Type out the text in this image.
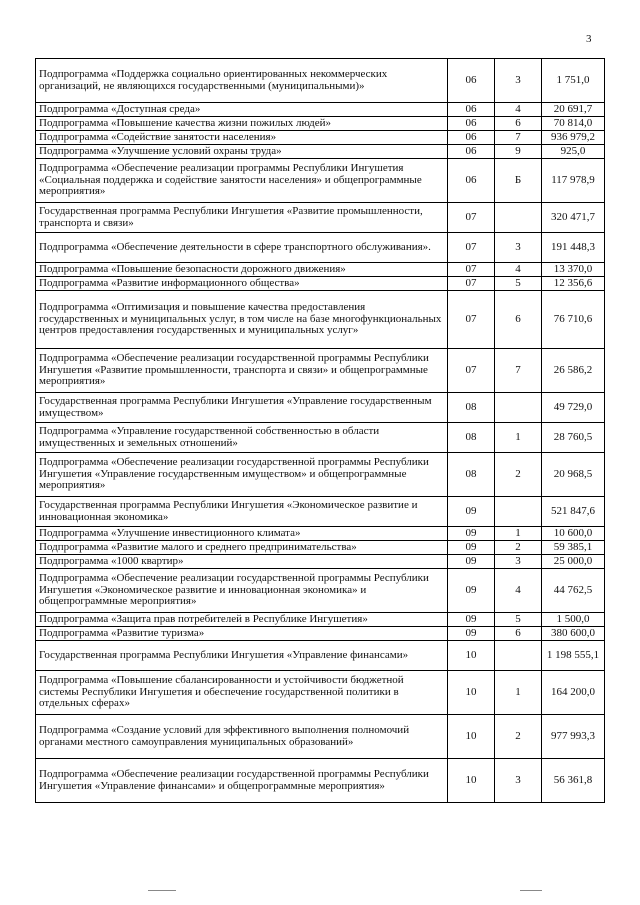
3
Подпрограмма «Поддержка социально ориентированных некоммерческих организаций, не являющихся государственными (муниципальными)»	06	3	1 751,0
Подпрограмма «Доступная среда»	06	4	20 691,7
Подпрограмма «Повышение качества жизни пожилых людей»	06	6	70 814,0
Подпрограмма «Содействие занятости населения»	06	7	936 979,2
Подпрограмма «Улучшение условий охраны труда»	06	9	925,0
Подпрограмма «Обеспечение реализации программы Республики Ингушетия «Социальная поддержка и содействие занятости населения» и общепрограммные мероприятия»	06	Б	117 978,9
Государственная программа Республики Ингушетия «Развитие промышленности, транспорта и связи»	07		320 471,7
Подпрограмма «Обеспечение деятельности в сфере транспортного обслуживания».	07	3	191 448,3
Подпрограмма «Повышение безопасности дорожного движения»	07	4	13 370,0
Подпрограмма «Развитие информационного общества»	07	5	12 356,6
Подпрограмма «Оптимизация и повышение качества предоставления государственных и муниципальных услуг, в том числе на базе многофункциональных центров предоставления государственных и муниципальных услуг»	07	6	76 710,6
Подпрограмма «Обеспечение реализации государственной программы Республики Ингушетия «Развитие промышленности, транспорта и связи» и общепрограммные мероприятия»	07	7	26 586,2
Государственная программа Республики Ингушетия «Управление государственным имуществом»	08		49 729,0
Подпрограмма «Управление государственной собственностью в области имущественных и земельных отношений»	08	1	28 760,5
Подпрограмма «Обеспечение реализации государственной программы Республики Ингушетия «Управление государственным имуществом» и общепрограммные мероприятия»	08	2	20 968,5
Государственная программа Республики Ингушетия «Экономическое развитие и инновационная экономика»	09		521 847,6
Подпрограмма «Улучшение инвестиционного климата»	09	1	10 600,0
Подпрограмма «Развитие малого и среднего предпринимательства»	09	2	59 385,1
Подпрограмма «1000 квартир»	09	3	25 000,0
Подпрограмма «Обеспечение реализации государственной программы Республики Ингушетия «Экономическое развитие и инновационная экономика» и общепрограммные мероприятия»	09	4	44 762,5
Подпрограмма «Защита прав потребителей в Республике Ингушетия»	09	5	1 500,0
Подпрограмма «Развитие туризма»	09	6	380 600,0
Государственная программа Республики Ингушетия «Управление финансами»	10		1 198 555,1
Подпрограмма «Повышение сбалансированности и устойчивости бюджетной системы Республики Ингушетия и обеспечение государственной политики в отдельных сферах»	10	1	164 200,0
Подпрограмма «Создание условий для эффективного выполнения полномочий органами местного самоуправления муниципальных образований»	10	2	977 993,3
Подпрограмма «Обеспечение реализации государственной программы Республики Ингушетия «Управление финансами» и общепрограммные мероприятия»	10	3	56 361,8
